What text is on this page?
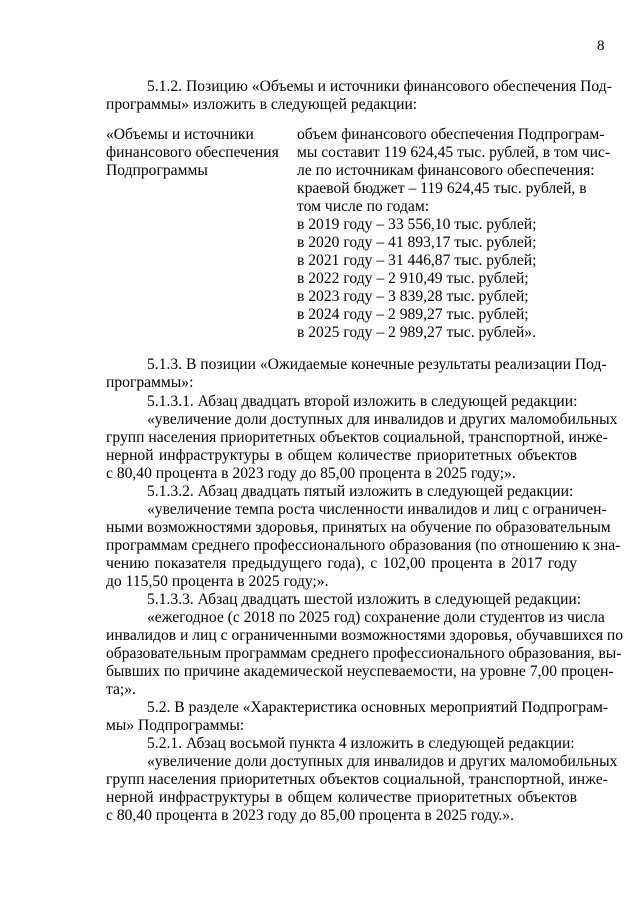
8

5.1.2. Позицию «Объемы и источники финансового обеспечения Под-

программы» изложить в следующей редакции:

«Объемы и источники

финансового обеспечения

Подпрограммы

объем финансового обеспечения Подпрограм-

мы составит 119 624,45 тыс. рублей, в том чис-

ле по источникам финансового обеспечения:

краевой бюджет – 119 624,45 тыс. рублей, в

том числе по годам:

в 2019 году – 33 556,10 тыс. рублей;

в 2020 году – 41 893,17 тыс. рублей;

в 2021 году – 31 446,87 тыс. рублей;

в 2022 году – 2 910,49 тыс. рублей;

в 2023 году – 3 839,28 тыс. рублей;

в 2024 году – 2 989,27 тыс. рублей;

в 2025 году – 2 989,27 тыс. рублей».

5.1.3. В позиции «Ожидаемые конечные результаты реализации Под-

программы»:

5.1.3.1. Абзац двадцать второй изложить в следующей редакции:

«увеличение доли доступных для инвалидов и других маломобильных

групп населения приоритетных объектов социальной, транспортной, инже-

нерной инфраструктуры в общем количестве приоритетных объектов

с 80,40 процента в 2023 году до 85,00 процента в 2025 году;».

5.1.3.2. Абзац двадцать пятый изложить в следующей редакции:

«увеличение темпа роста численности инвалидов и лиц с ограничен-

ными возможностями здоровья, принятых на обучение по образовательным

программам среднего профессионального образования (по отношению к зна-

чению показателя предыдущего года), с 102,00 процента в 2017 году

до 115,50 процента в 2025 году;».

5.1.3.3. Абзац двадцать шестой изложить в следующей редакции:

«ежегодное (с 2018 по 2025 год) сохранение доли студентов из числа

инвалидов и лиц с ограниченными возможностями здоровья, обучавшихся по

образовательным программам среднего профессионального образования, вы-

бывших по причине академической неуспеваемости, на уровне 7,00 процен-

та;».

5.2. В разделе «Характеристика основных мероприятий Подпрограм-

мы» Подпрограммы:

5.2.1. Абзац восьмой пункта 4 изложить в следующей редакции:

«увеличение доли доступных для инвалидов и других маломобильных

групп населения приоритетных объектов социальной, транспортной, инже-

нерной инфраструктуры в общем количестве приоритетных объектов

с 80,40 процента в 2023 году до 85,00 процента в 2025 году.».
